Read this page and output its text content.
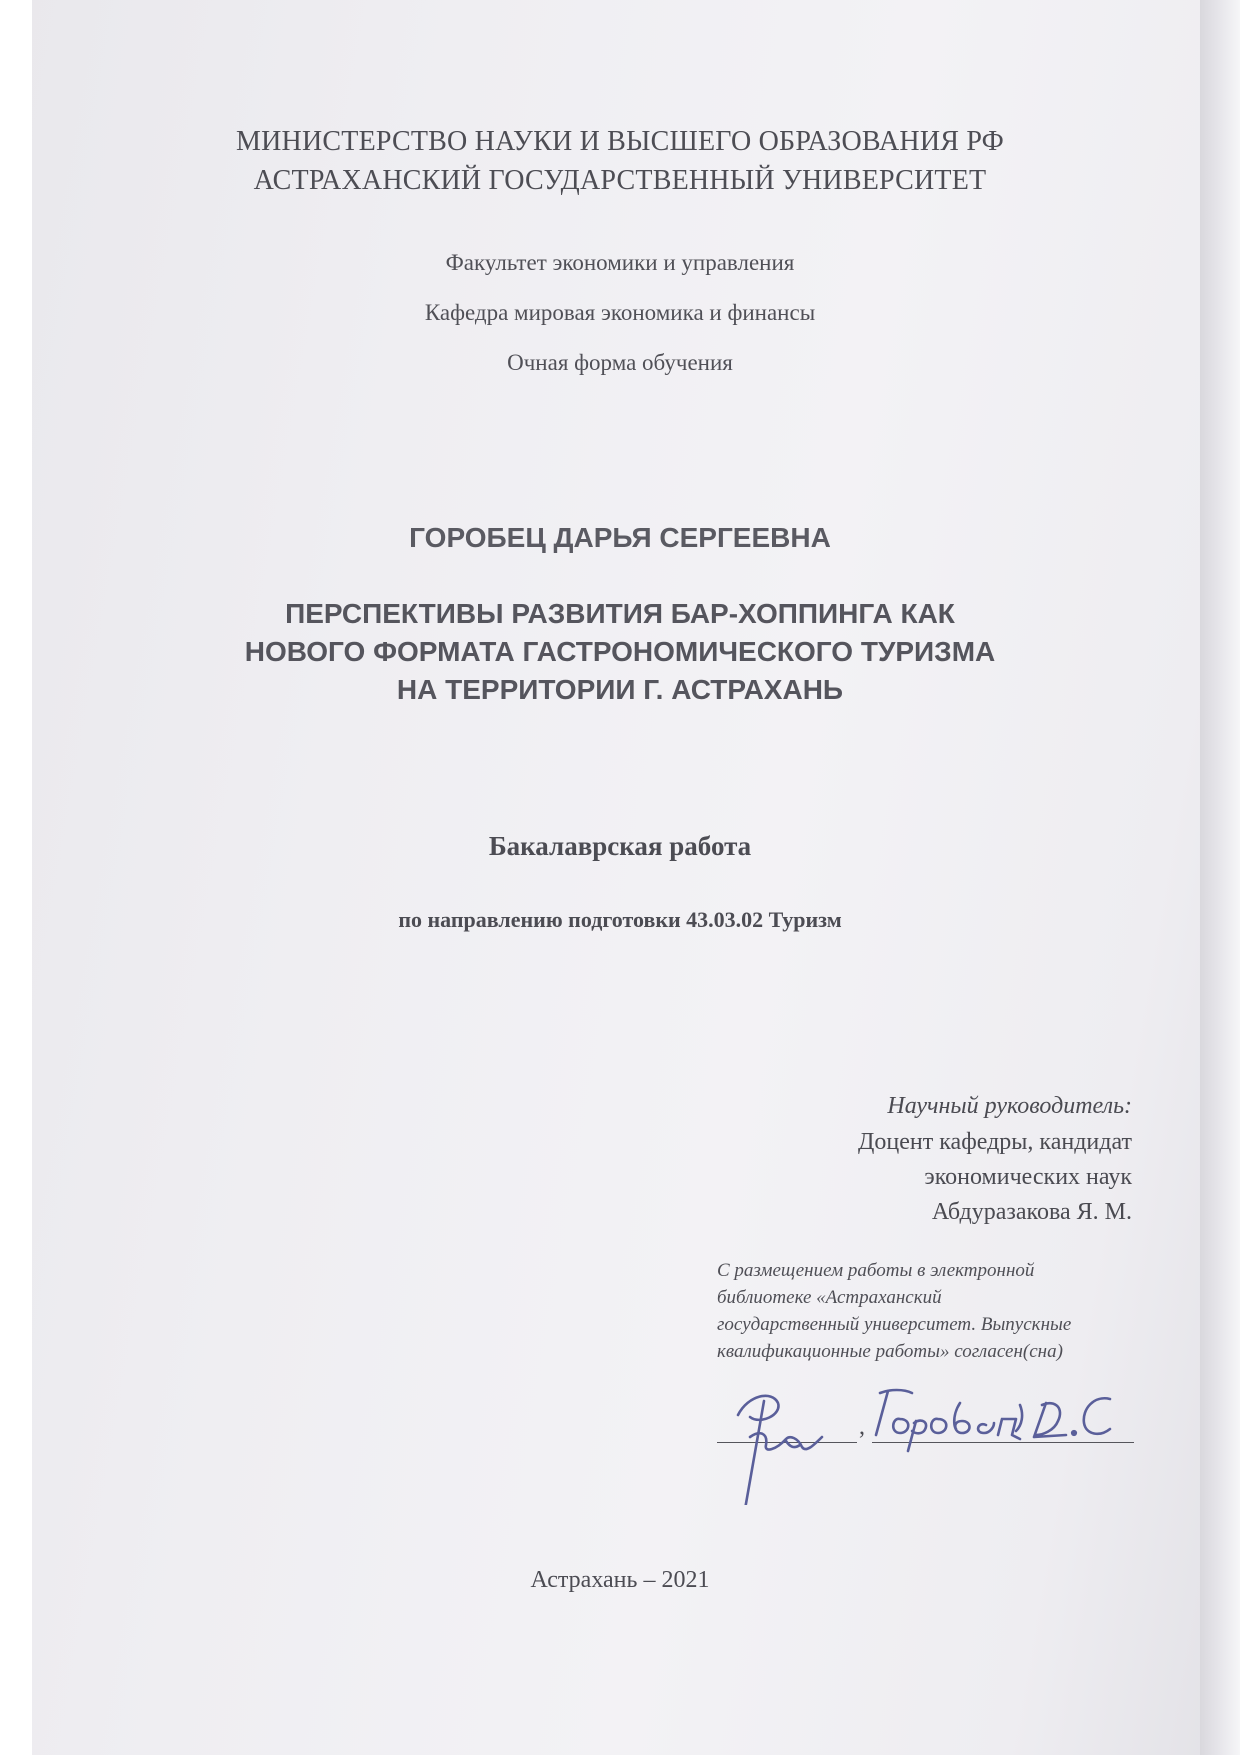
МИНИСТЕРСТВО НАУКИ И ВЫСШЕГО ОБРАЗОВАНИЯ РФ
АСТРАХАНСКИЙ ГОСУДАРСТВЕННЫЙ УНИВЕРСИТЕТ
Факультет экономики и управления
Кафедра мировая экономика и финансы
Очная форма обучения
ГОРОБЕЦ ДАРЬЯ СЕРГЕЕВНА
ПЕРСПЕКТИВЫ РАЗВИТИЯ БАР-ХОППИНГА КАК
НОВОГО ФОРМАТА ГАСТРОНОМИЧЕСКОГО ТУРИЗМА
НА ТЕРРИТОРИИ Г. АСТРАХАНЬ
Бакалаврская работа
по направлению подготовки 43.03.02 Туризм
Научный руководитель:
Доцент кафедры, кандидат
экономических наук
Абдуразакова Я. М.
С размещением работы в электронной
библиотеке «Астраханский
государственный университет. Выпускные
квалификационные работы» согласен(сна)
,
Астрахань – 2021
